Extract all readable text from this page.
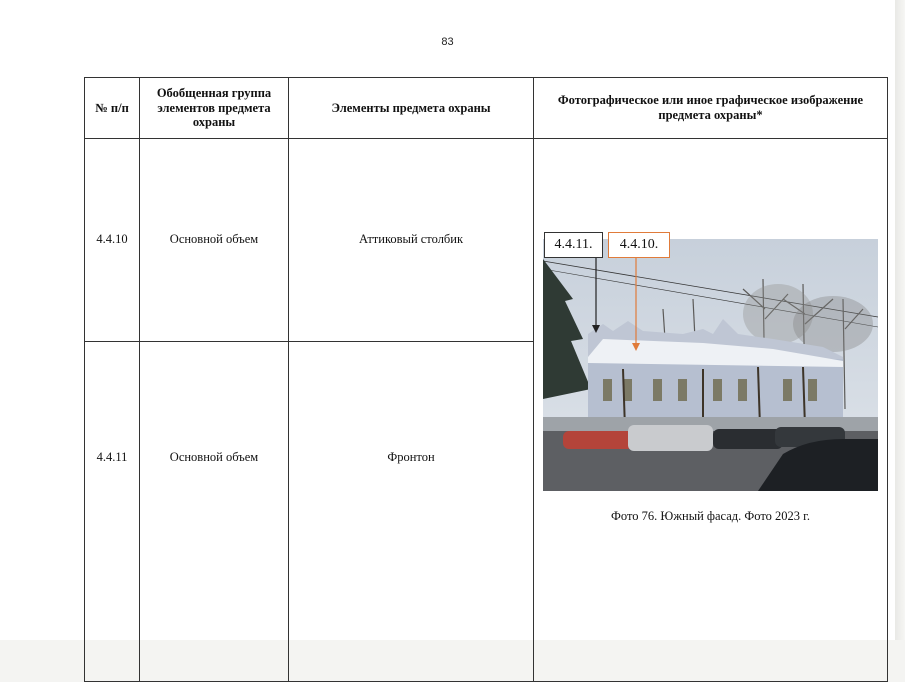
83
№ п/п	Обобщенная группа элементов предмета охраны	Элементы предмета охраны	Фотографическое или иное графическое изображение предмета охраны*
4.4.10	Основной объем	Аттиковый столбик	4.4.11. 4.4.10.
Фото 76. Южный фасад. Фото 2023 г.

4.4.11	Основной объем	Фронтон	
